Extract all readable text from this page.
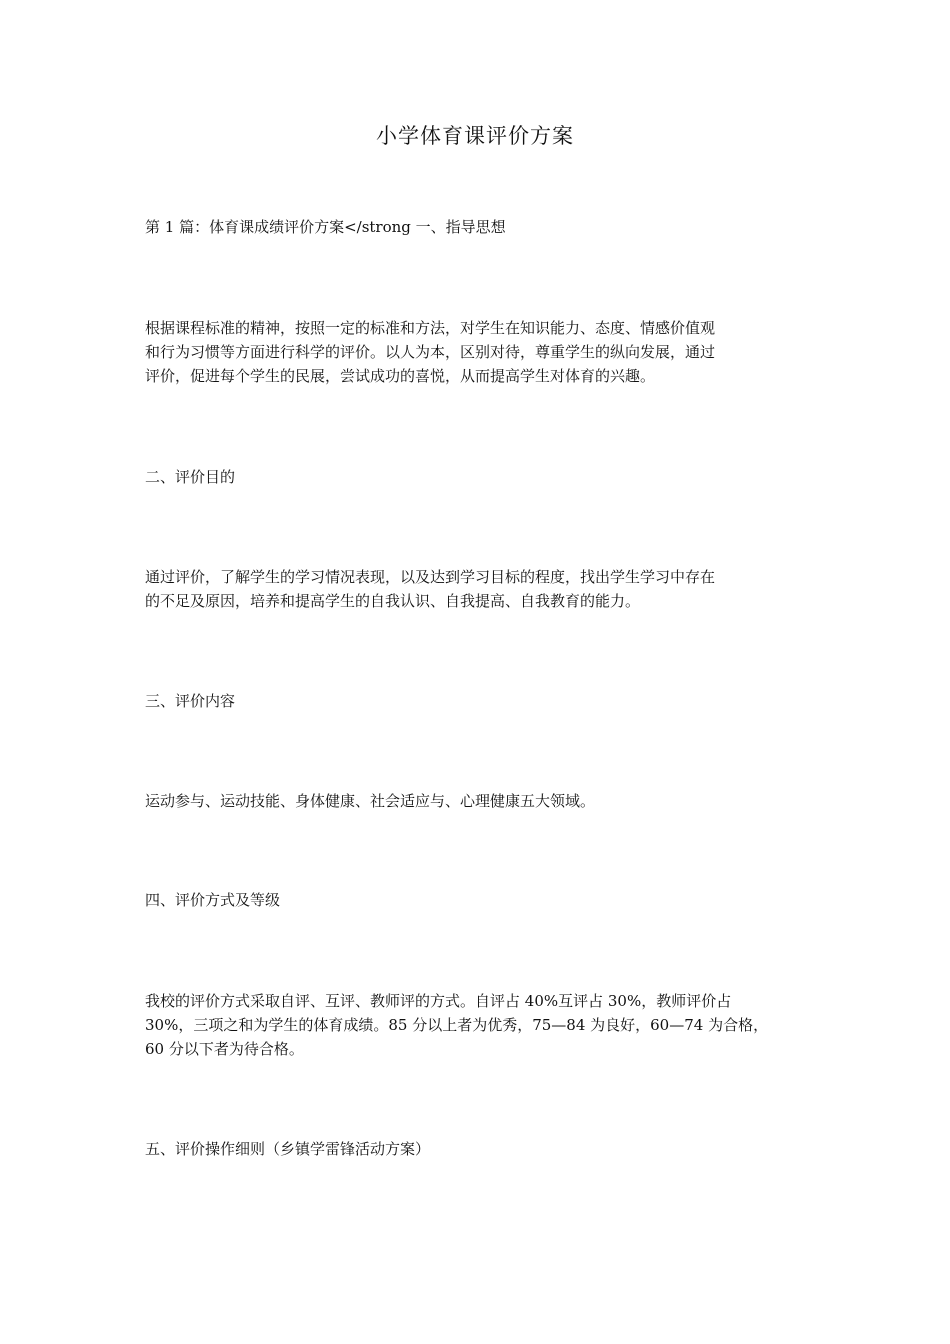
小学体育课评价方案
第 1 篇：体育课成绩评价方案</strong 一、指导思想
根据课程标准的精神，按照一定的标准和方法，对学生在知识能力、态度、情感价值观
和行为习惯等方面进行科学的评价。以人为本，区别对待，尊重学生的纵向发展，通过
评价，促进每个学生的民展，尝试成功的喜悦，从而提高学生对体育的兴趣。
二、评价目的
通过评价，了解学生的学习情况表现，以及达到学习目标的程度，找出学生学习中存在
的不足及原因，培养和提高学生的自我认识、自我提高、自我教育的能力。
三、评价内容
运动参与、运动技能、身体健康、社会适应与、心理健康五大领域。
四、评价方式及等级
我校的评价方式采取自评、互评、教师评的方式。自评占 40%互评占 30%，教师评价占
30%，三项之和为学生的体育成绩。85 分以上者为优秀，75—84 为良好，60—74 为合格，
60 分以下者为待合格。
五、评价操作细则（乡镇学雷锋活动方案）
